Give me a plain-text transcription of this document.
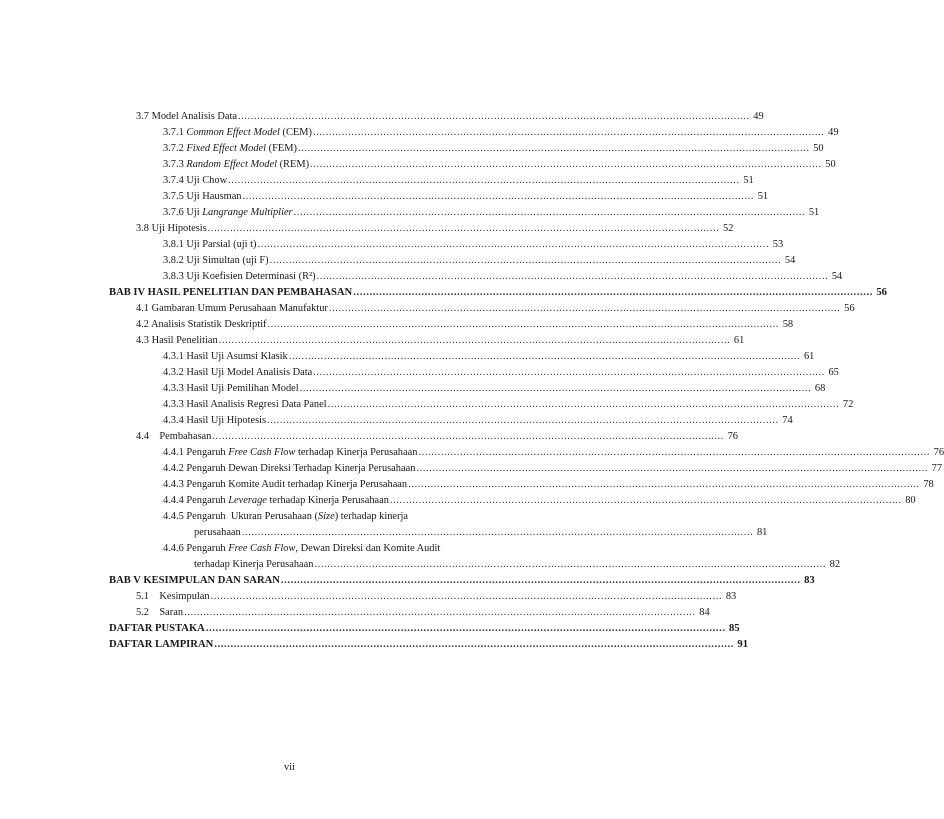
3.7 Model Analisis Data ................................................................................................................................................................ 49
3.7.1 Common Effect Model (CEM) ................................................................................................................................................................ 49
3.7.2 Fixed Effect Model (FEM) ................................................................................................................................................................ 50
3.7.3 Random Effect Model (REM) ................................................................................................................................................................ 50
3.7.4 Uji Chow ................................................................................................................................................................ 51
3.7.5 Uji Hausman ................................................................................................................................................................ 51
3.7.6 Uji Langrange Multiplier ................................................................................................................................................................ 51
3.8 Uji Hipotesis ................................................................................................................................................................ 52
3.8.1 Uji Parsial (uji t) ................................................................................................................................................................ 53
3.8.2 Uji Simultan (uji F) ................................................................................................................................................................ 54
3.8.3 Uji Koefisien Determinasi (R²) ................................................................................................................................................................ 54
BAB IV HASIL PENELITIAN DAN PEMBAHASAN ................................................................................................................................................................ 56
4.1 Gambaran Umum Perusahaan Manufaktur ................................................................................................................................................................ 56
4.2 Analisis Statistik Deskriptif ................................................................................................................................................................ 58
4.3 Hasil Penelitian ................................................................................................................................................................ 61
4.3.1 Hasil Uji Asumsi Klasik ................................................................................................................................................................ 61
4.3.2 Hasil Uji Model Analisis Data ................................................................................................................................................................ 65
4.3.3 Hasil Uji Pemilihan Model ................................................................................................................................................................ 68
4.3.3 Hasil Analisis Regresi Data Panel ................................................................................................................................................................ 72
4.3.4 Hasil Uji Hipotesis ................................................................................................................................................................ 74
4.4    Pembahasan ................................................................................................................................................................ 76
4.4.1 Pengaruh Free Cash Flow terhadap Kinerja Perusahaan ................................................................................................................................................................ 76
4.4.2 Pengaruh Dewan Direksi Terhadap Kinerja Perusahaan ................................................................................................................................................................ 77
4.4.3 Pengaruh Komite Audit terhadap Kinerja Perusahaan ................................................................................................................................................................ 78
4.4.4 Pengaruh Leverage terhadap Kinerja Perusahaan ................................................................................................................................................................ 80
4.4.5 Pengaruh  Ukuran Perusahaan (Size) terhadap kinerja
perusahaan ................................................................................................................................................................ 81
4.4.6 Pengaruh Free Cash Flow, Dewan Direksi dan Komite Audit
terhadap Kinerja Perusahaan ................................................................................................................................................................ 82
BAB V KESIMPULAN DAN SARAN ................................................................................................................................................................ 83
5.1    Kesimpulan ................................................................................................................................................................ 83
5.2    Saran ................................................................................................................................................................ 84
DAFTAR PUSTAKA ................................................................................................................................................................ 85
DAFTAR LAMPIRAN ................................................................................................................................................................ 91
vii
